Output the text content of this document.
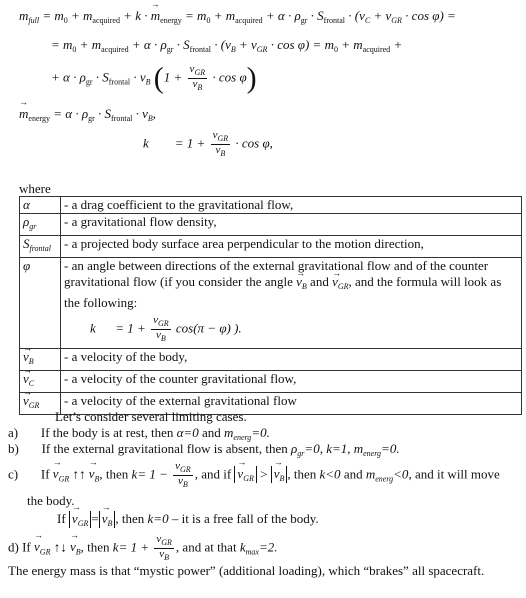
$m_{full} = m_0 + m_{acquired} + k$ · → $m_{energy} = m_0 + m_{acquired} + \alpha \cdot \rho_{gr} \cdot S_{frontal} \cdot (v_C + v_{GR} \cdot \cos \varphi)$ =
= $m_0 + m_{acquired} + \alpha \cdot \rho_{gr} \cdot S_{frontal} \cdot (v_B + v_{GR} \cdot \cos \varphi) = m_0 + m_{acquired}$ +
+ $\alpha \cdot \rho_{gr} \cdot S_{frontal} \cdot v_B$ $(1 + \frac{v_{GR}}{v_B} \cdot \cos \varphi)$
→ $m_{energy} = \alpha \cdot \rho_{gr} \cdot S_{frontal} \cdot v_B$,
$k = 1 + \frac{v_{GR}}{v_B} \cdot \cos \varphi$,
where
α	- a drag coefficient to the gravitational flow,
$\rho_{gr}$	- a gravitational flow density,
$S_{frontal}$	- a projected body surface area perpendicular to the motion direction,
φ	- an angle between directions of the external gravitational flow and of the counter gravitational flow (if you consider the angle → $v_B$ and → $v_{GR}$, and the formula will look as the following:
$k = 1 + \frac{v_{GR}}{v_B} \cos(\pi - \varphi)$ ).

→ $v_B$	- a velocity of the body,
→ $v_C$	- a velocity of the counter gravitational flow,
→ $v_{GR}$	- a velocity of the external gravitational flow
Let’s consider several limiting cases.
a) If the body is at rest, then α=0 and $m_{energ}=0$.
b) If the external gravitational flow is absent, then $\rho_{gr}=0$, k=1, $m_{energ}=0$.
c) $If \to v_{GR}$ ↑↑ → $v_B$, then $k= 1 - \frac{v_{GR}}{v_B}$ , and if → $v_{GR}$ > → $v_B$ , then k<0 and $m_{energ}<0$, and it will move
the body.
$If \to v_{GR}$ = → $v_B$ , then k=0 – it is a free fall of the body.
d) $If \to v_{GR}$ ↑↓ → $v_B$, then $k= 1 + \frac{v_{GR}}{v_B}$ , and at that $k_{max}=2$.
The energy mass is that “mystic power” (additional loading), which “brakes” all spacecraft.
